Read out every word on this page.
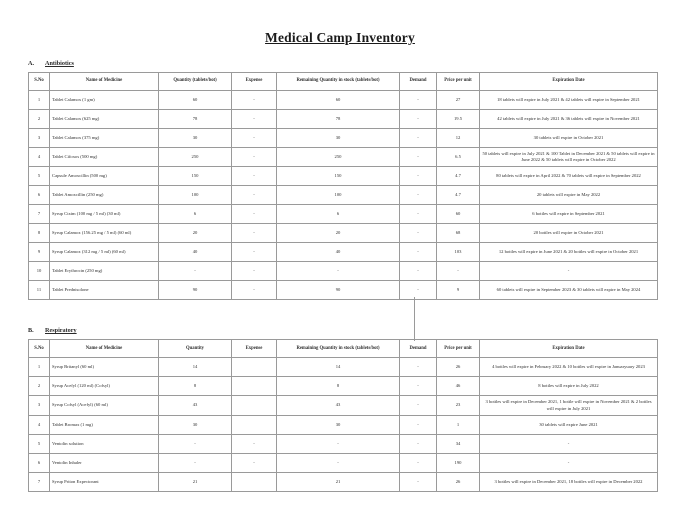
Medical Camp Inventory
A.	Antibiotics
S.No	Name of Medicine	Quantity (tablets/bot)	Expense	Remaining Quantity in stock (tablets/bot)	Demand	Price per unit	Expiration Date
1	Tablet Calamox (1 gm)	60	-	60	-	27	18 tablets will expire in July 2021 & 42 tablets will expire in September 2021
2	Tablet Calamox (625 mg)	78	-	78	-	19.5	42 tablets will expire in July 2021 & 36 tablets will expire in November 2021
3	Tablet Calamox (375 mg)	30	-	30	-	12	30 tablets will expire in October 2021
4	Tablet Cifoxos (500 mg)	250	-	250	-	6.5	50 tablets will expire in July 2021 & 100 Tablet in December 2021 & 50 tablets will expire in June 2022 & 50 tablets will expire in October 2022
5	Capsule Amoxcillin (500 mg)	150	-	150	-	4.7	80 tablets will expire in April 2022 & 70 tablets will expire in September 2022
6	Tablet Amoxcillin (250 mg)	100	-	100	-	4.7	20 tablets will expire in May 2022
7	Syrup Cixim (100 mg / 5 ml) (30 ml)	6	-	6	-	60	6 bottles will expire in September 2021
8	Syrup Calamox (156.25 mg / 5 ml) (60 ml)	20	-	20	-	68	20 bottles will expire in October 2021
9	Syrup Calamox (312 mg / 5 ml) (60 ml)	40	-	40	-	103	12 bottles will expire in June 2021 & 20 bottles will expire in October 2021
10	Tablet Erythrocin (250 mg)	-	-	-	-	-	-
11	Tablet Prednisolone	90	-	90	-	9	60 tablets will expire in September 2023 & 30 tablets will expire in May 2024
B.	Respiratory
S.No	Name of Medicine	Quantity	Expense	Remaining Quantity in stock (tablets/bot)	Demand	Price per unit	Expiration Date
1	Syrup Britanyl (60 ml)	14		14	-	26	4 bottles will expire in February 2022 & 10 bottles will expire in Januaryuary 2023
2	Syrup Acefyl (120 ml) (Cofsyl)	8		8	-	46	8 bottles will expire in July 2022
3	Syrup Cofsyl (Acefyl) (60 ml)	43		43	-	23	3 bottles will expire in December 2021, 1 bottle will expire in November 2021 & 2 bottles will expire in July 2021
4	Tablet Bromax (1 mg)	30		30	-	1	30 tablets will expire June 2021
5	Ventolin solution	-	-	-	-	34	-
6	Ventolin Inhaler	-	-	-	-	190	-
7	Syrup Priton Expectorant	21		21	-	26	3 bottles will expire in December 2021, 18 bottles will expire in December 2022
